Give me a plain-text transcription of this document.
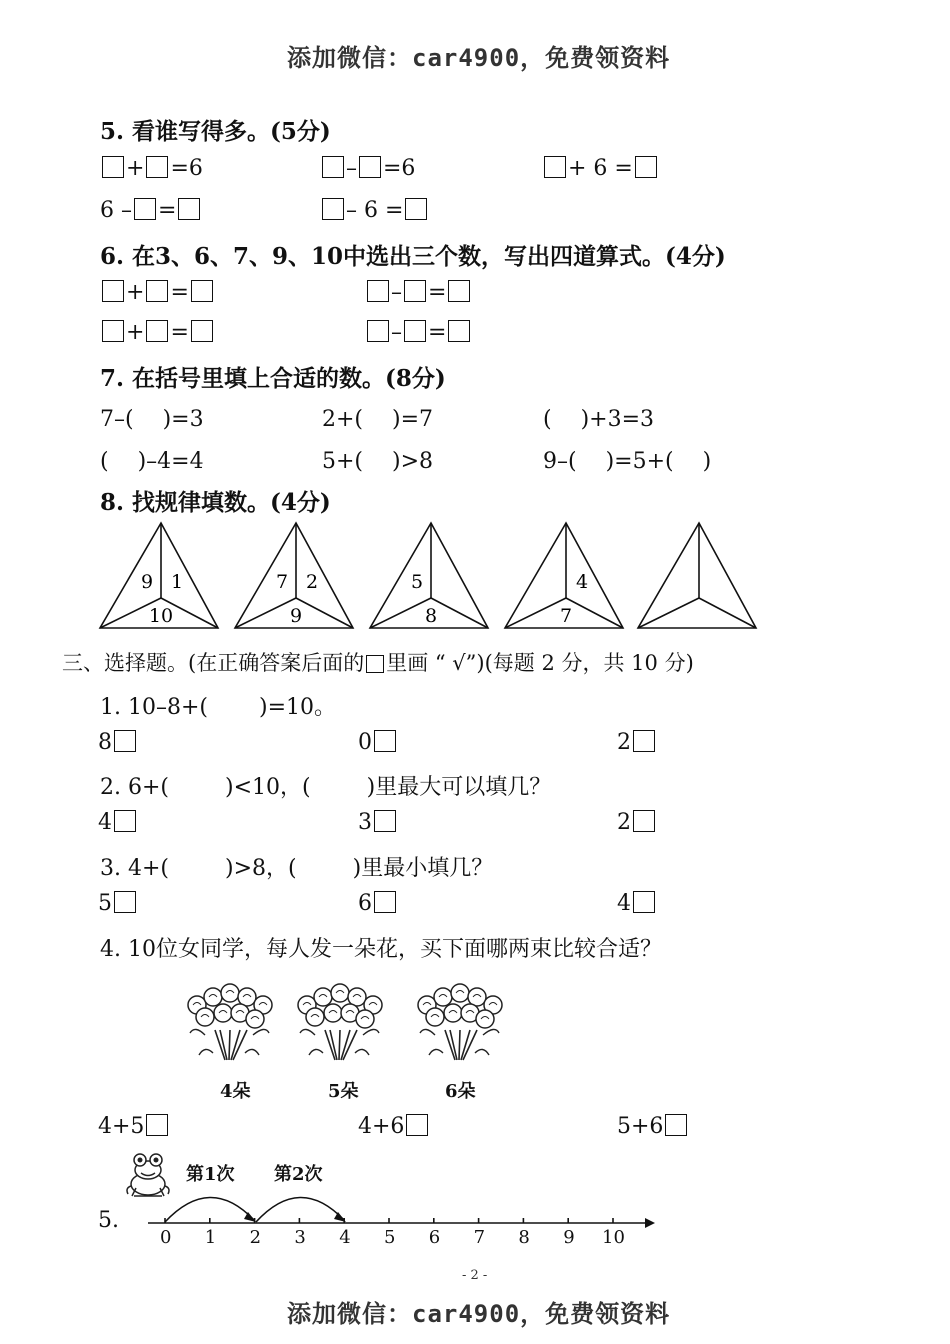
添加微信：car4900，免费领资料
添加微信：car4900，免费领资料
5. 看谁写得多。(5分)
+ =6	– =6	+ 6 =
6 – =	– 6 =
6. 在3、6、7、9、10中选出三个数，写出四道算式。(4分)
+ =	– =
+ =	– =
7. 在括号里填上合适的数。(8分)
7–(　 )=3	2+(　 )=7	(　 )+3=3
(　 )–4=4	5+(　 )>8	9–(　 )=5+(　 )
8. 找规律填数。(4分)
9 1
10
7 2
9
5
8
4
7
三、选择题。(在正确答案后面的 里画 “ √”)(每题 2 分，共 10 分)
1. 10–8+(　 　)=10。
8	0	2
2. 6+(	)<10，(	)里最大可以填几？
4	3	2
3. 4+(	)>8，(	)里最小填几？
5	6	4
4. 10位女同学，每人发一朵花，买下面哪两束比较合适？
4朵	5朵	6朵
4+5	4+6	5+6
5.
第1次 第2次
0 1 2 3 4 5 6 7 8 9 10
- 2 -
